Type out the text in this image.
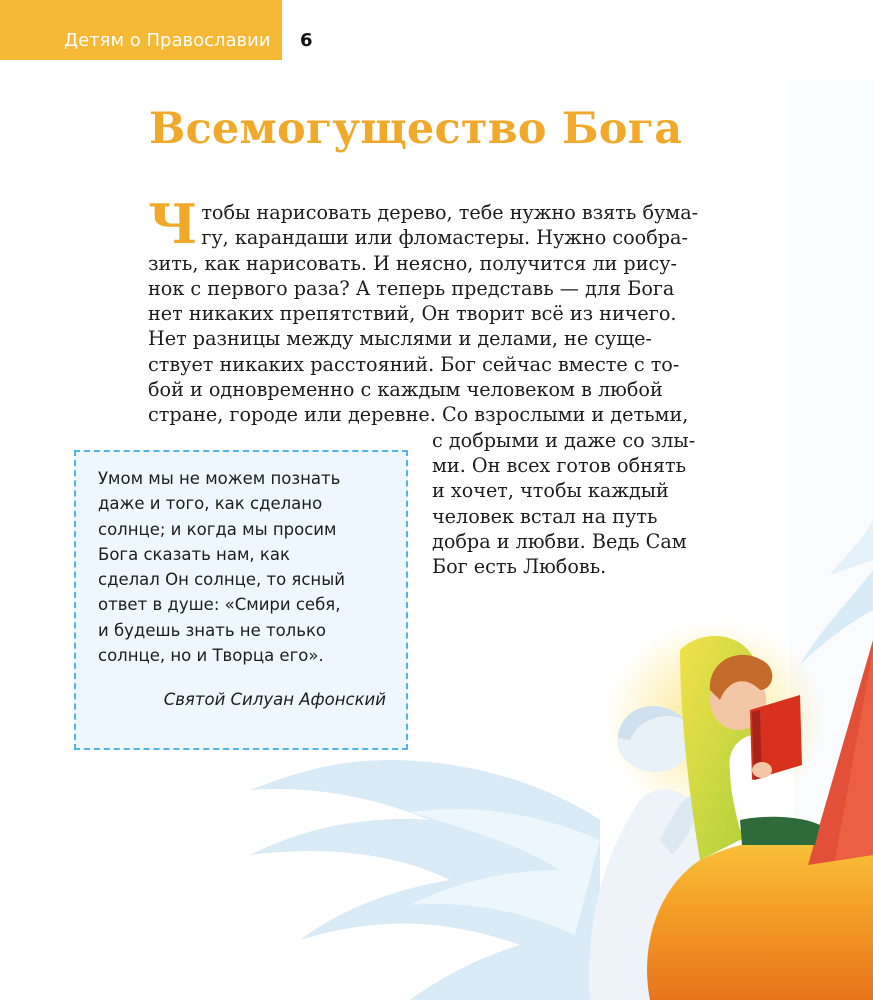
Детям о Православии 6
Всемогущество Бога
Ч тобы нарисовать дерево, тебе нужно взять бума-
гу, карандаши или фломастеры. Нужно сообра-
зить, как нарисовать. И неясно, получится ли рису-
нок с первого раза? А теперь представь — для Бога
нет никаких препятствий, Он творит всё из ничего.
Нет разницы между мыслями и делами, не суще-
ствует никаких расстояний. Бог сейчас вместе с то-
бой и одновременно с каждым человеком в любой
стране, городе или деревне. Со взрослыми и детьми,
с добрыми и даже со злы-
ми. Он всех готов обнять
и хочет, чтобы каждый
человек встал на путь
добра и любви. Ведь Сам
Бог есть Любовь.
Умом мы не можем познать
даже и того, как сделано
солнце; и когда мы просим
Бога сказать нам, как
сделал Он солнце, то ясный
ответ в душе: «Смири себя,
и будешь знать не только
солнце, но и Творца его».
Святой Силуан Афонский
